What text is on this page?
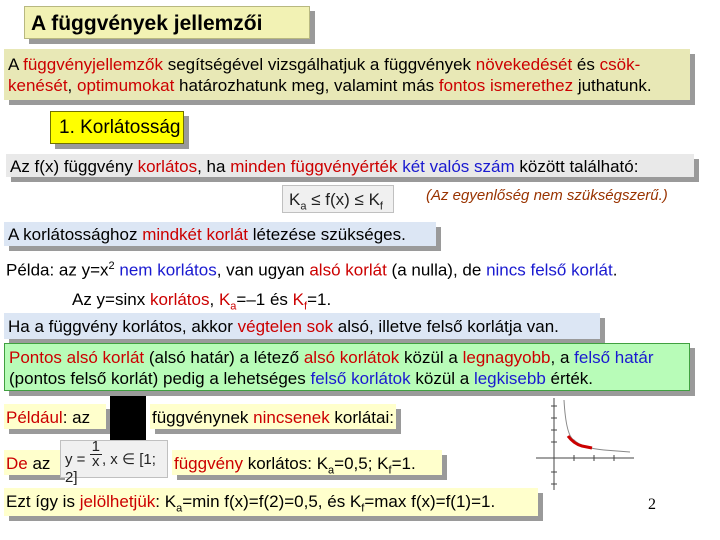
A függvények jellemzői
A függvényjellemzők segítségével vizsgálhatjuk a függvények növekedését és csök-
kenését, optimumokat határozhatunk meg, valamint más fontos ismerethez juthatunk.
1. Korlátosság
Az f(x) függvény korlátos, ha minden függvényérték két valós szám között található:
$K_a \le f(x) \le K_f$
(Az egyenlőség nem szükségszerű.)
A korlátossághoz mindkét korlát létezése szükséges.
Példa: az $y=x^2$ nem korlátos, van ugyan alsó korlát (a nulla), de nincs felső korlát.
Az y=sinx korlátos, $K_a=-1$ és $K_f=1$.
Ha a függvény korlátos, akkor végtelen sok alsó, illetve felső korlátja van.
Pontos alsó korlát (alsó határ) a létező alsó korlátok közül a legnagyobb, a felső határ
(pontos felső korlát) pedig a lehetséges felső korlátok közül a legkisebb érték.
Például: az	függvénynek nincsenek korlátai:
De az $y = \frac{1}{x}$ , x ∈ [1; 2]
függvény korlátos: $K_a=0,5$; $K_f=1$.
Ezt így is jelölhetjük: $K_a=\min$ f(x)=f(2)=0,5, és $K_f=\max$ f(x)=f(1)=1.	2
